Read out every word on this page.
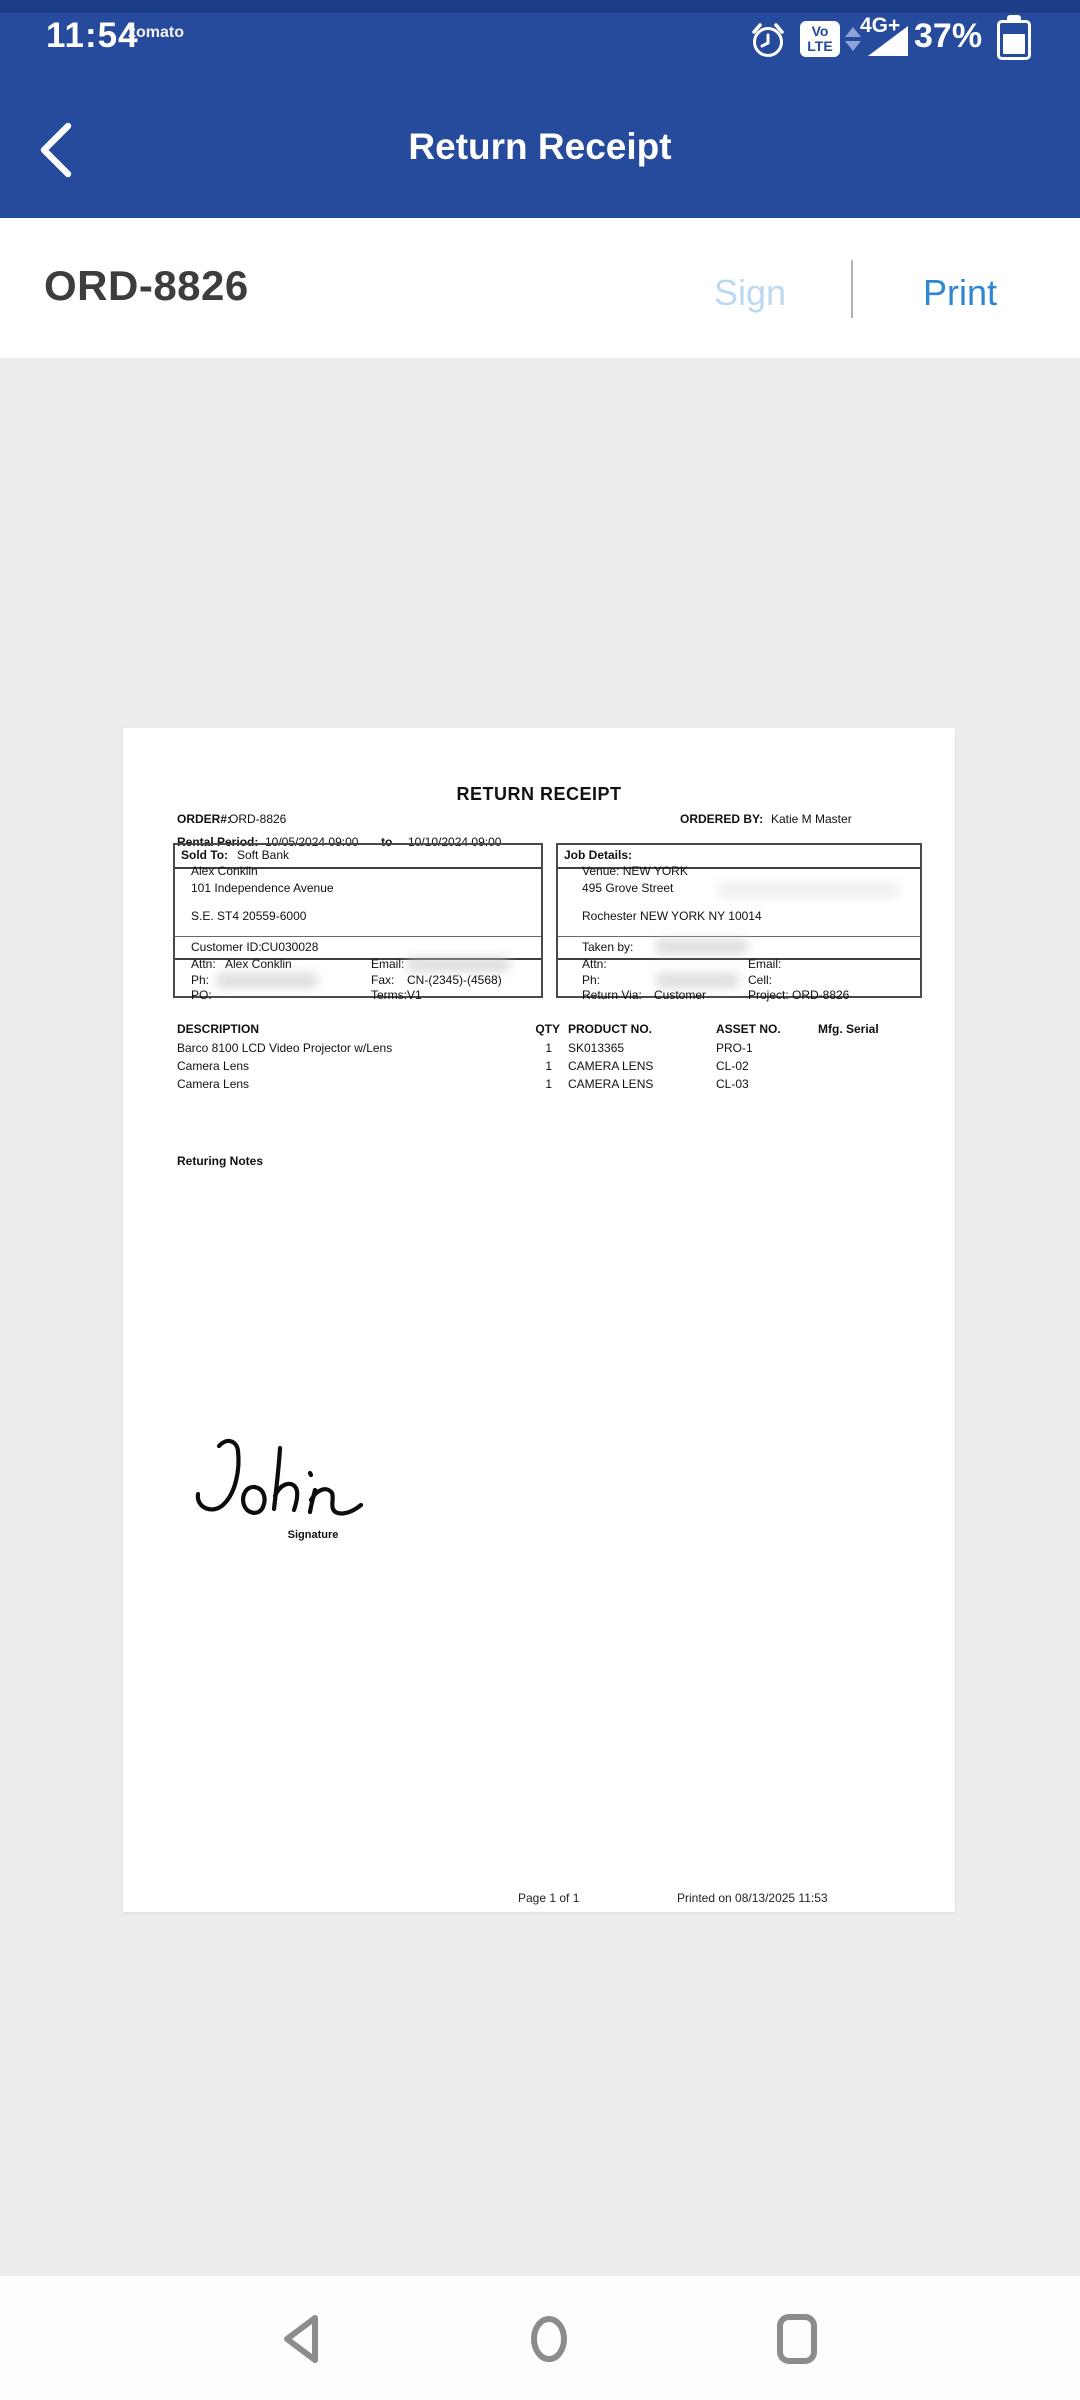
11:54
zomato	Vo
LTE
4G+ 37%
Return Receipt
ORD-8826	Sign	Print
RETURN RECEIPT
ORDER#:
ORD-8826	ORDERED BY: Katie M Master
Rental Period: 10/05/2024 09:00 to 10/10/2024 09:00
Sold To: Soft Bank
Alex Conklin
101 Independence Avenue
S.E. ST4 20559-6000
Customer ID: CU030028
Attn: Alex Conklin	Email:
Ph:	Fax: CN-(2345)-(4568)
PO:	Terms: V1
Job Details:
Venue: NEW YORK
495 Grove Street
Rochester NEW YORK NY 10014
Taken by:
Attn:	Email:
Ph:	Cell:
Return Via: Customer	Project: ORD-8826
DESCRIPTION	QTY PRODUCT NO.	ASSET NO.	Mfg. Serial
Barco 8100 LCD Video Projector w/Lens	1 SK013365	PRO-1
Camera Lens	1 CAMERA LENS	CL-02
Camera Lens	1 CAMERA LENS	CL-03
Returing Notes
Signature
Page 1 of 1	Printed on 08/13/2025 11:53
